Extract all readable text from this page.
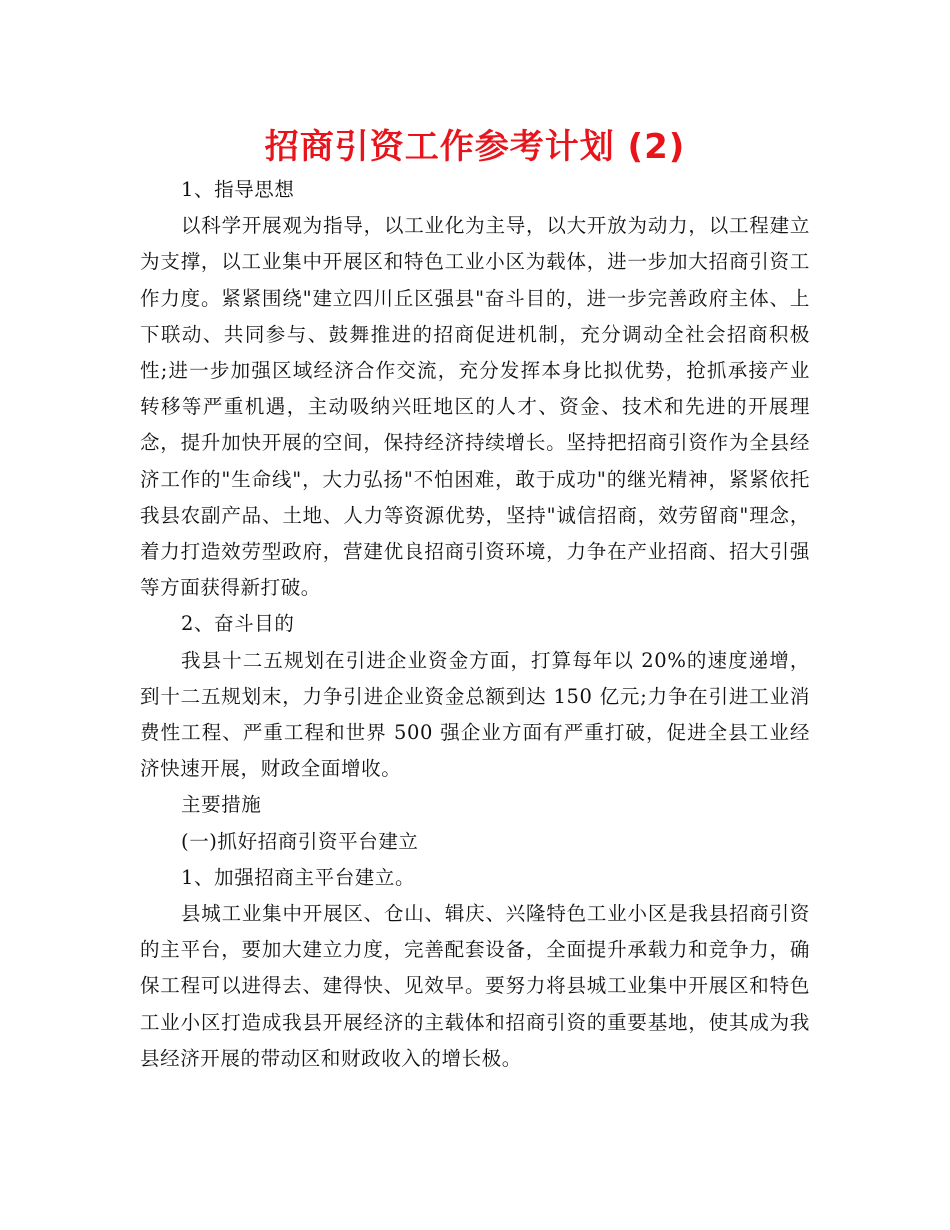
招商引资工作参考计划 (2)

1、指导思想

以科学开展观为指导，以工业化为主导，以大开放为动力，以工程建立为支撑，以工业集中开展区和特色工业小区为载体，进一步加大招商引资工作力度。紧紧围绕"建立四川丘区强县"奋斗目的，进一步完善政府主体、上下联动、共同参与、鼓舞推进的招商促进机制，充分调动全社会招商积极性;进一步加强区域经济合作交流，充分发挥本身比拟优势，抢抓承接产业转移等严重机遇，主动吸纳兴旺地区的人才、资金、技术和先进的开展理念，提升加快开展的空间，保持经济持续增长。坚持把招商引资作为全县经济工作的"生命线"，大力弘扬"不怕困难，敢于成功"的继光精神，紧紧依托我县农副产品、土地、人力等资源优势，坚持"诚信招商，效劳留商"理念，着力打造效劳型政府，营建优良招商引资环境，力争在产业招商、招大引强等方面获得新打破。

2、奋斗目的

我县十二五规划在引进企业资金方面，打算每年以 20%的速度递增，到十二五规划末，力争引进企业资金总额到达 150 亿元;力争在引进工业消费性工程、严重工程和世界 500 强企业方面有严重打破，促进全县工业经济快速开展，财政全面增收。

主要措施

(一)抓好招商引资平台建立

1、加强招商主平台建立。

县城工业集中开展区、仓山、辑庆、兴隆特色工业小区是我县招商引资的主平台，要加大建立力度，完善配套设备，全面提升承载力和竞争力，确保工程可以进得去、建得快、见效早。要努力将县城工业集中开展区和特色工业小区打造成我县开展经济的主载体和招商引资的重要基地，使其成为我县经济开展的带动区和财政收入的增长极。
